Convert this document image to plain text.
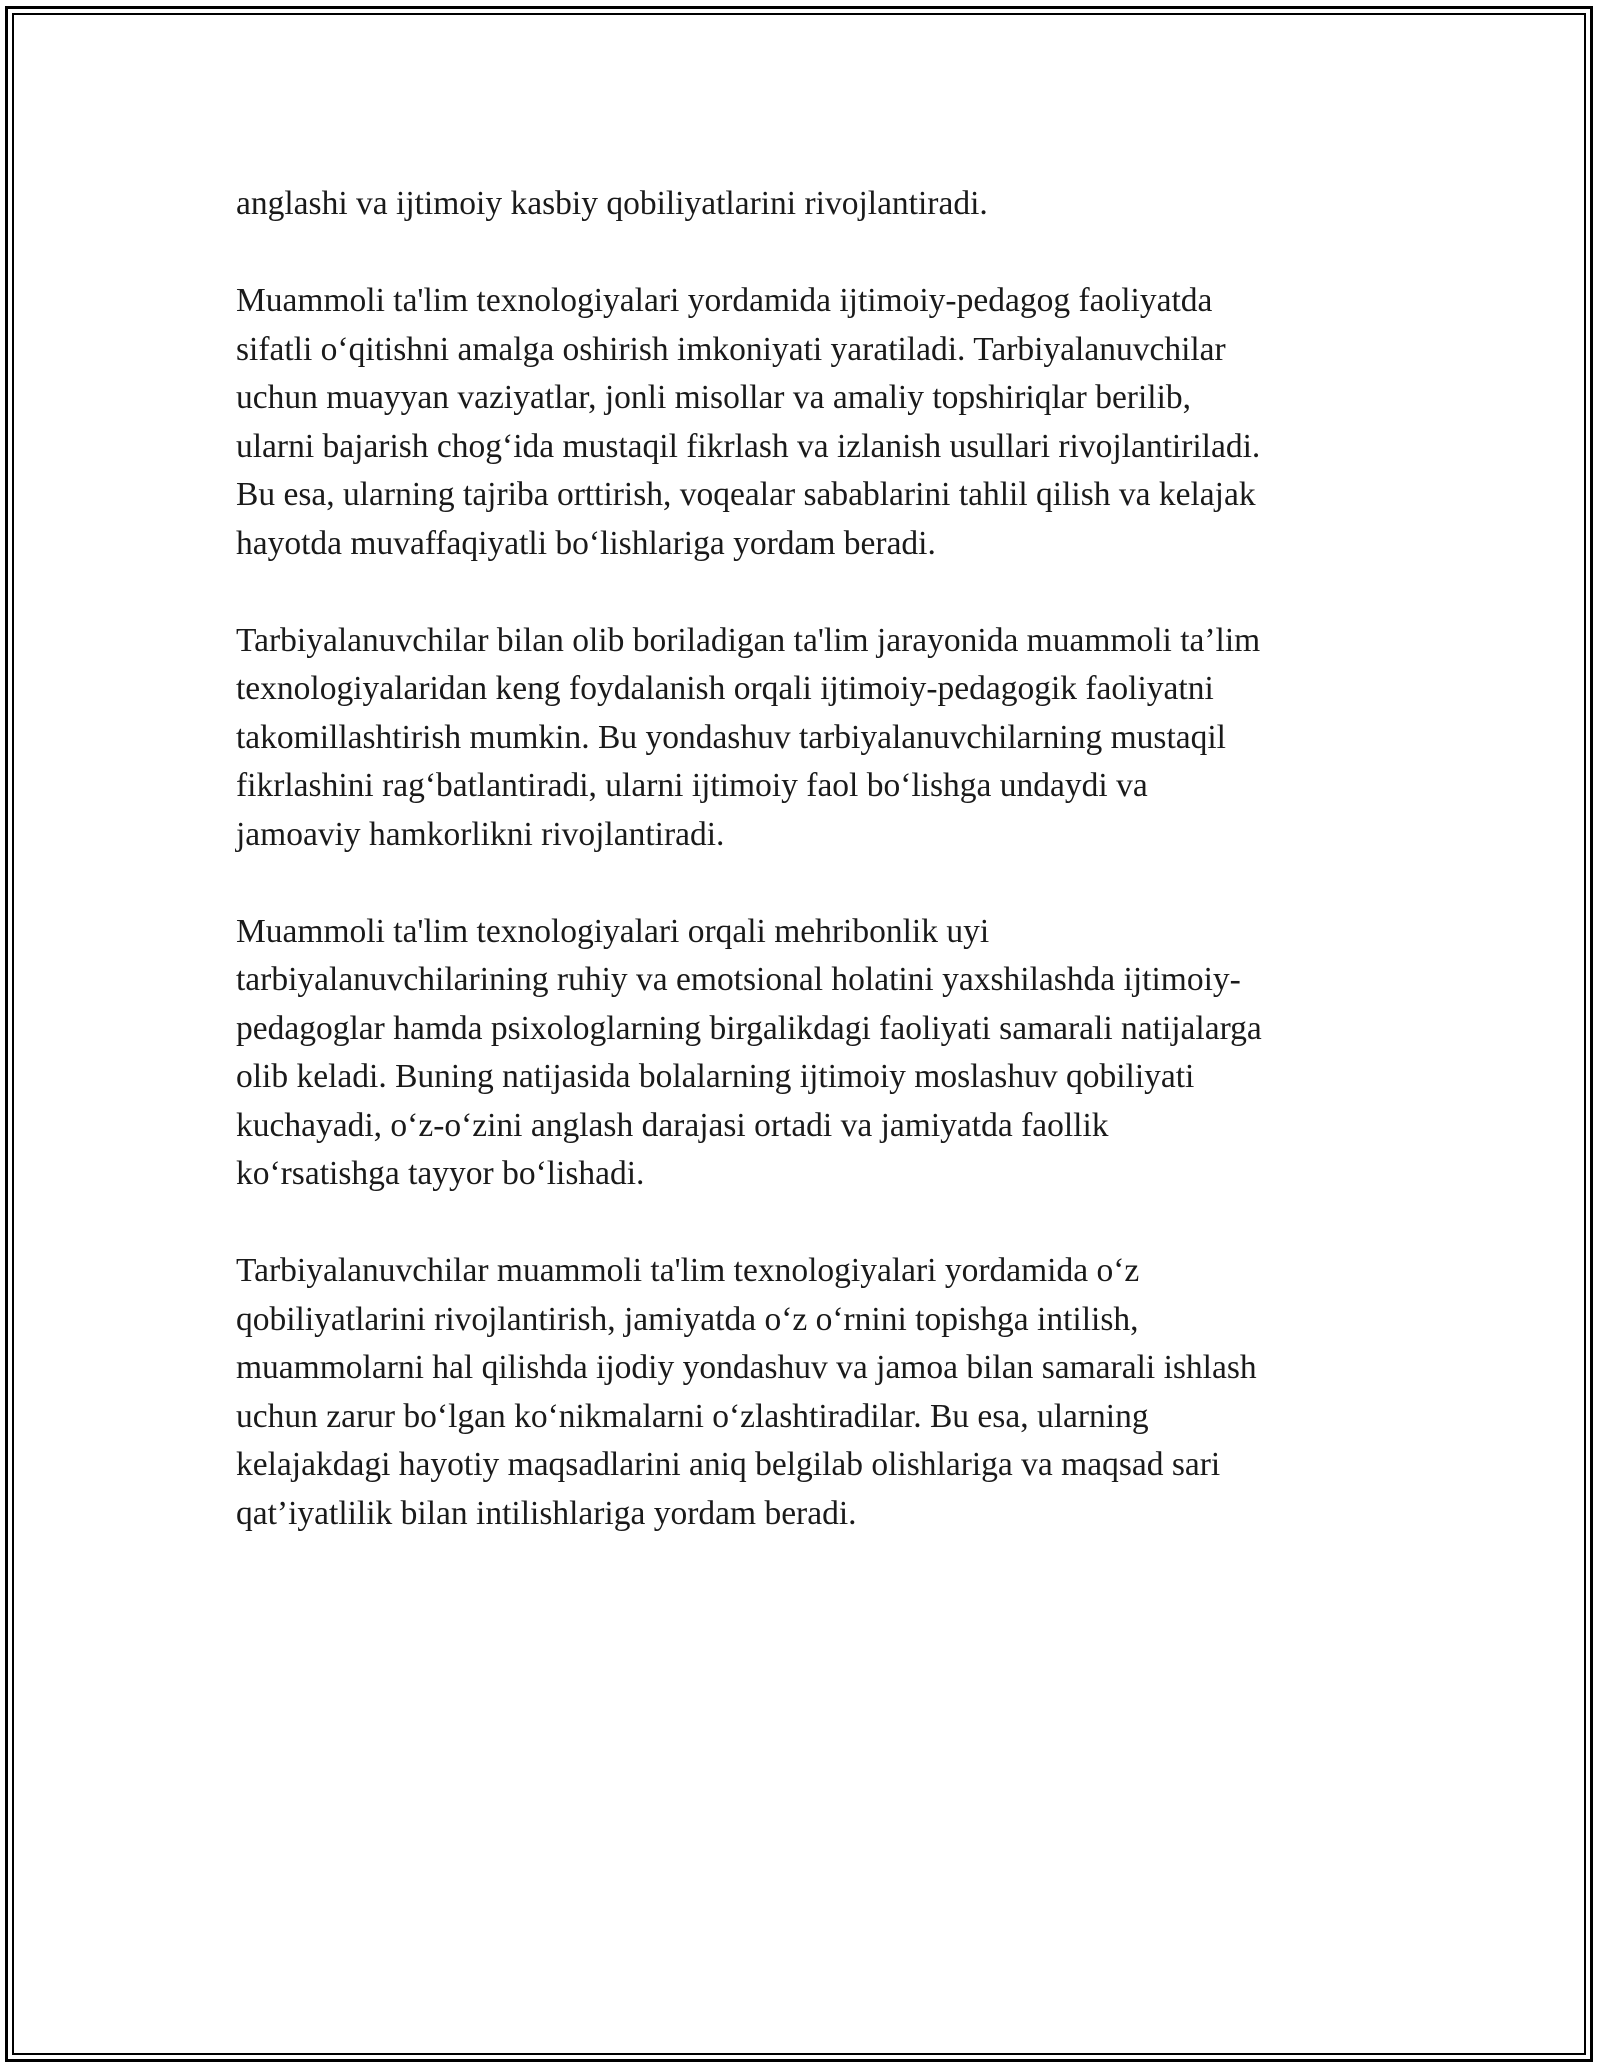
anglashi va ijtimoiy kasbiy qobiliyatlarini rivojlantiradi.

Muammoli ta'lim texnologiyalari yordamida ijtimoiy-pedagog faoliyatda
sifatli o‘qitishni amalga oshirish imkoniyati yaratiladi. Tarbiyalanuvchilar
uchun muayyan vaziyatlar, jonli misollar va amaliy topshiriqlar berilib,
ularni bajarish chog‘ida mustaqil fikrlash va izlanish usullari rivojlantiriladi.
Bu esa, ularning tajriba orttirish, voqealar sabablarini tahlil qilish va kelajak
hayotda muvaffaqiyatli bo‘lishlariga yordam beradi.

Tarbiyalanuvchilar bilan olib boriladigan ta'lim jarayonida muammoli ta’lim
texnologiyalaridan keng foydalanish orqali ijtimoiy-pedagogik faoliyatni
takomillashtirish mumkin. Bu yondashuv tarbiyalanuvchilarning mustaqil
fikrlashini rag‘batlantiradi, ularni ijtimoiy faol bo‘lishga undaydi va
jamoaviy hamkorlikni rivojlantiradi.

Muammoli ta'lim texnologiyalari orqali mehribonlik uyi
tarbiyalanuvchilarining ruhiy va emotsional holatini yaxshilashda ijtimoiy-
pedagoglar hamda psixologlarning birgalikdagi faoliyati samarali natijalarga
olib keladi. Buning natijasida bolalarning ijtimoiy moslashuv qobiliyati
kuchayadi, o‘z-o‘zini anglash darajasi ortadi va jamiyatda faollik
ko‘rsatishga tayyor bo‘lishadi.

Tarbiyalanuvchilar muammoli ta'lim texnologiyalari yordamida o‘z
qobiliyatlarini rivojlantirish, jamiyatda o‘z o‘rnini topishga intilish,
muammolarni hal qilishda ijodiy yondashuv va jamoa bilan samarali ishlash
uchun zarur bo‘lgan ko‘nikmalarni o‘zlashtiradilar. Bu esa, ularning
kelajakdagi hayotiy maqsadlarini aniq belgilab olishlariga va maqsad sari
qat’iyatlilik bilan intilishlariga yordam beradi.
